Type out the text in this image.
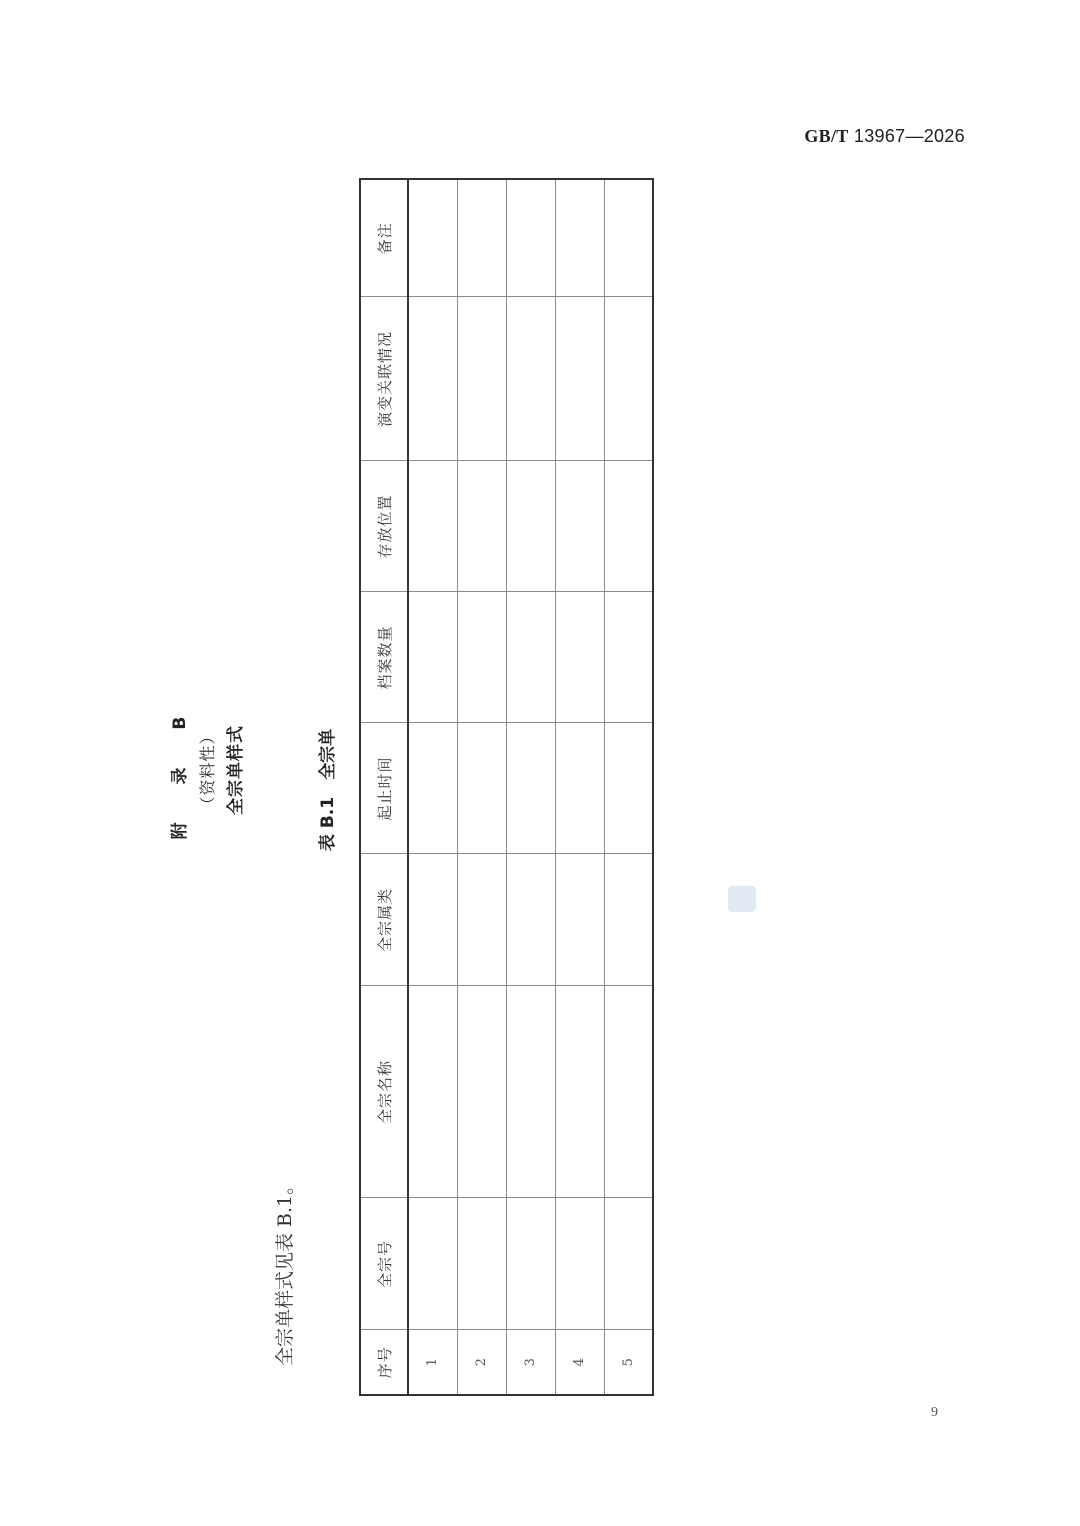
GB/T 13967—2026
附 录 B （资料性） 全宗单样式
全宗单样式见表 B.1。
表 B.1　全宗单
序号	全宗号	全宗名称	全宗属类	起止时间	档案数量	存放位置	演变关联情况	备注
1								
2								
3								
4								
5								
9
